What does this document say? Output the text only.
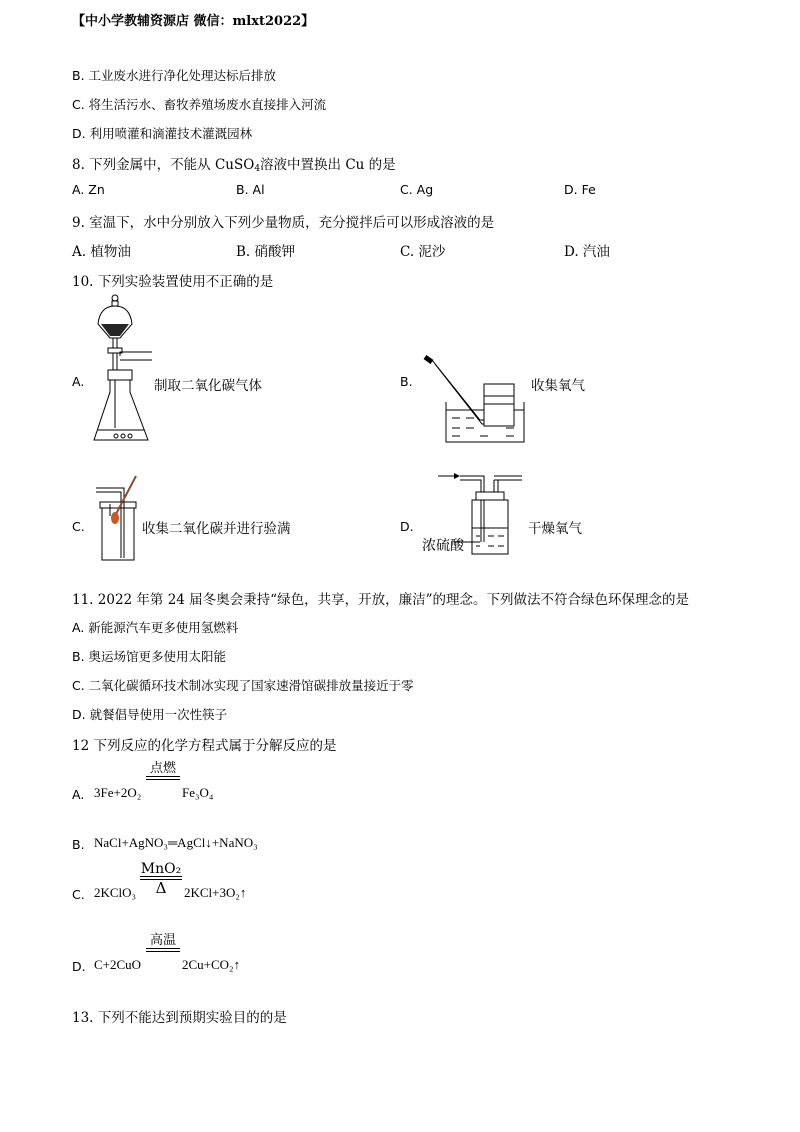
【中小学教辅资源店 微信：mlxt2022】
B. 工业废水进行净化处理达标后排放
C. 将生活污水、畜牧养殖场废水直接排入河流
D. 利用喷灌和滴灌技术灌溉园林
8. 下列金属中，不能从 CuSO$_4$溶液中置换出 Cu 的是
A. Zn	B. Al	C. Ag	D. Fe
9. 室温下，水中分别放入下列少量物质，充分搅拌后可以形成溶液的是
A. 植物油	B. 硝酸钾	C. 泥沙	D. 汽油
10. 下列实验装置使用不正确的是
A.	制取二氧化碳气体	B.	收集氧气
C.	收集二氧化碳并进行验满	D.
浓硫酸
干燥氧气
11. 2022 年第 24 届冬奥会秉持“绿色，共享，开放，廉洁”的理念。下列做法不符合绿色环保理念的是
A. 新能源汽车更多使用氢燃料
B. 奥运场馆更多使用太阳能
C. 二氧化碳循环技术制冰实现了国家速滑馆碳排放量接近于零
D. 就餐倡导使用一次性筷子
12 下列反应的化学方程式属于分解反应的是
A. 3Fe+2O₂
点燃
Fe₃O₄
B. NaCl+AgNO₃═AgCl↓+NaNO₃
C. 2KClO₃
MnO₂
Δ	2KCl+3O₂↑
D. C+2CuO
高温
2Cu+CO₂↑
13. 下列不能达到预期实验目的的是
